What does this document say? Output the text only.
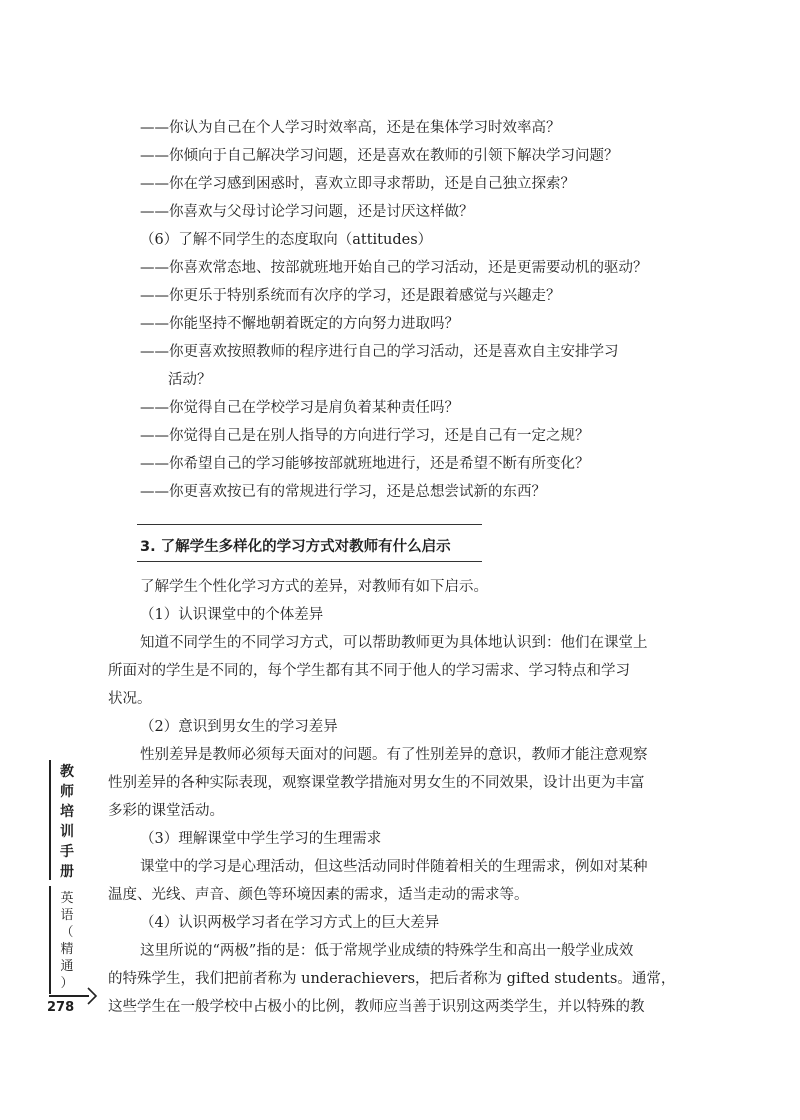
——你认为自己在个人学习时效率高，还是在集体学习时效率高？
——你倾向于自己解决学习问题，还是喜欢在教师的引领下解决学习问题？
——你在学习感到困惑时，喜欢立即寻求帮助，还是自己独立探索？
——你喜欢与父母讨论学习问题，还是讨厌这样做？
（6）了解不同学生的态度取向（attitudes）
——你喜欢常态地、按部就班地开始自己的学习活动，还是更需要动机的驱动？
——你更乐于特别系统而有次序的学习，还是跟着感觉与兴趣走？
——你能坚持不懈地朝着既定的方向努力进取吗？
——你更喜欢按照教师的程序进行自己的学习活动，还是喜欢自主安排学习
活动？
——你觉得自己在学校学习是肩负着某种责任吗？
——你觉得自己是在别人指导的方向进行学习，还是自己有一定之规？
——你希望自己的学习能够按部就班地进行，还是希望不断有所变化？
——你更喜欢按已有的常规进行学习，还是总想尝试新的东西？
3. 了解学生多样化的学习方式对教师有什么启示
了解学生个性化学习方式的差异，对教师有如下启示。
（1）认识课堂中的个体差异
知道不同学生的不同学习方式，可以帮助教师更为具体地认识到：他们在课堂上
所面对的学生是不同的，每个学生都有其不同于他人的学习需求、学习特点和学习
状况。
（2）意识到男女生的学习差异
性别差异是教师必须每天面对的问题。有了性别差异的意识，教师才能注意观察
性别差异的各种实际表现，观察课堂教学措施对男女生的不同效果，设计出更为丰富
多彩的课堂活动。
（3）理解课堂中学生学习的生理需求
课堂中的学习是心理活动，但这些活动同时伴随着相关的生理需求，例如对某种
温度、光线、声音、颜色等环境因素的需求，适当走动的需求等。
（4）认识两极学习者在学习方式上的巨大差异
这里所说的“两极”指的是：低于常规学业成绩的特殊学生和高出一般学业成效
的特殊学生，我们把前者称为 underachievers，把后者称为 gifted students。通常，
这些学生在一般学校中占极小的比例，教师应当善于识别这两类学生，并以特殊的教
教
师
培
训
手
册
英
语
（
精
通
）
278
